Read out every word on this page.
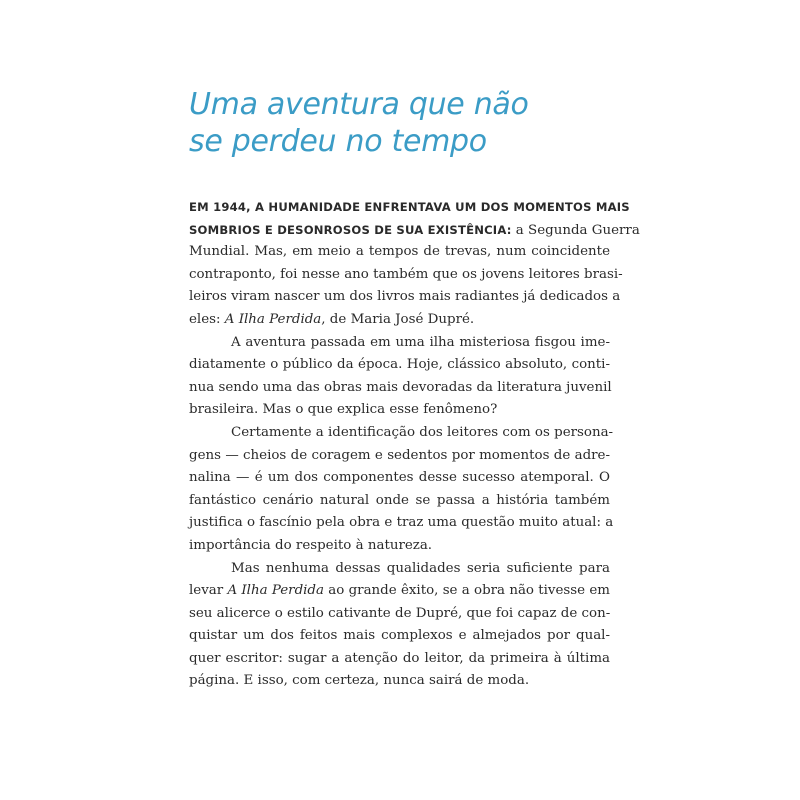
Uma aventura que não
se perdeu no tempo
EM 1944, A HUMANIDADE ENFRENTAVA UM DOS MOMENTOS MAIS
SOMBRIOS E DESONROSOS DE SUA EXISTÊNCIA: a Segunda Guerra
Mundial. Mas, em meio a tempos de trevas, num coincidente
contraponto, foi nesse ano também que os jovens leitores brasi-
leiros viram nascer um dos livros mais radiantes já dedicados a
eles: A Ilha Perdida, de Maria José Dupré.
A aventura passada em uma ilha misteriosa fisgou ime-
diatamente o público da época. Hoje, clássico absoluto, conti-
nua sendo uma das obras mais devoradas da literatura juvenil
brasileira. Mas o que explica esse fenômeno?
Certamente a identificação dos leitores com os persona-
gens — cheios de coragem e sedentos por momentos de adre-
nalina — é um dos componentes desse sucesso atemporal. O
fantástico cenário natural onde se passa a história também
justifica o fascínio pela obra e traz uma questão muito atual: a
importância do respeito à natureza.
Mas nenhuma dessas qualidades seria suficiente para
levar A Ilha Perdida ao grande êxito, se a obra não tivesse em
seu alicerce o estilo cativante de Dupré, que foi capaz de con-
quistar um dos feitos mais complexos e almejados por qual-
quer escritor: sugar a atenção do leitor, da primeira à última
página. E isso, com certeza, nunca sairá de moda.
